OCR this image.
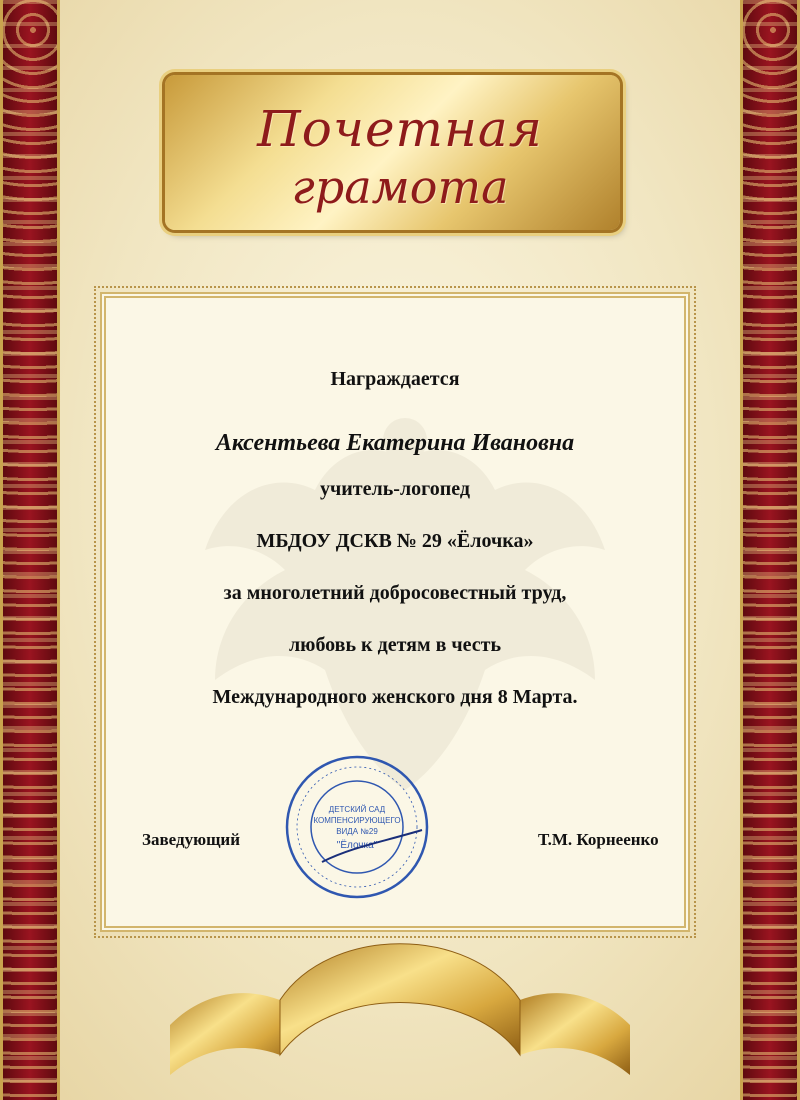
Почетная
грамота
Награждается
Аксентьева Екатерина Ивановна
учитель-логопед
МБДОУ ДСКВ № 29 «Ёлочка»
за многолетний добросовестный труд,
любовь к детям в честь
Международного женского дня 8 Марта.
ДЕТСКИЙ САД
КОМПЕНСИРУЮЩЕГО
ВИДА №29
"Ёлочка"
Заведующий	Т.М. Корнеенко
